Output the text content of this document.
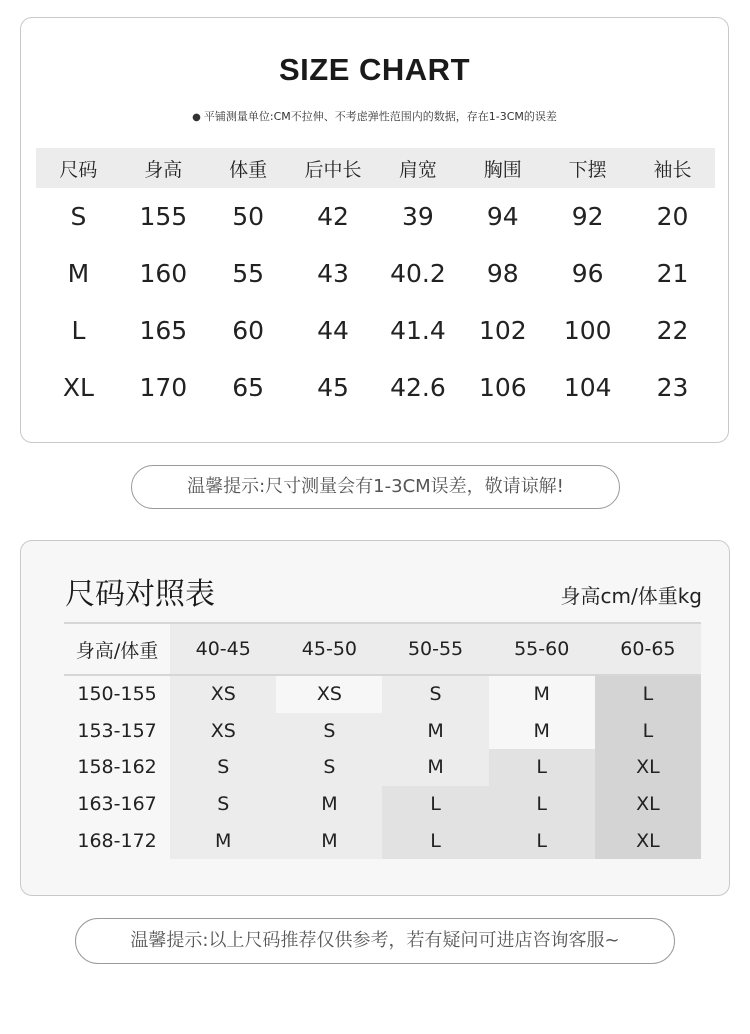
SIZE CHART
● 平铺测量单位:CM不拉伸、不考虑弹性范围内的数据，存在1-3CM的误差
尺码	身高	体重	后中长	肩宽	胸围	下摆	袖长
S	155	50	42	39	94	92	20
M	160	55	43	40.2	98	96	21
L	165	60	44	41.4	102	100	22
XL	170	65	45	42.6	106	104	23
温馨提示:尺寸测量会有1-3CM误差，敬请谅解!
尺码对照表	身高cm/体重kg
身高/体重	40-45	45-50	50-55	55-60	60-65
150-155	XS	XS	S	M	L
153-157	XS	S	M	M	L
158-162	S	S	M	L	XL
163-167	S	M	L	L	XL
168-172	M	M	L	L	XL
温馨提示:以上尺码推荐仅供参考，若有疑问可进店咨询客服~
